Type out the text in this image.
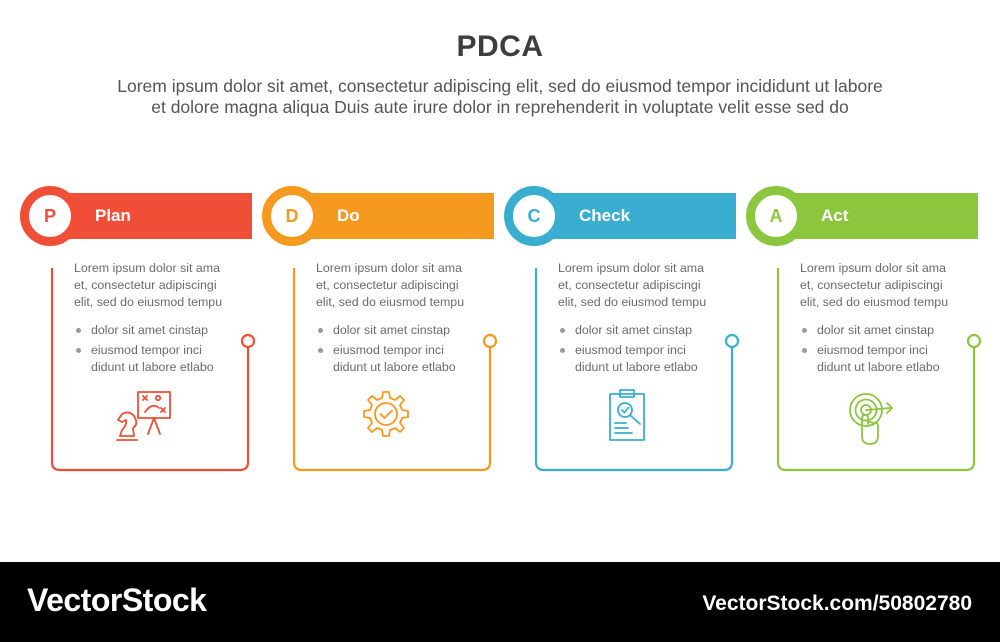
PDCA
Lorem ipsum dolor sit amet, consectetur adipiscing elit, sed do eiusmod tempor incididunt ut labore
et dolore magna aliqua Duis aute irure dolor in reprehenderit in voluptate velit esse sed do
P	Plan
Lorem ipsum dolor sit ama
et, consectetur adipiscingi
elit, sed do eiusmod tempu
dolor sit amet cinstap
eiusmod tempor inci
didunt ut labore etlabo
D	Do
Lorem ipsum dolor sit ama
et, consectetur adipiscingi
elit, sed do eiusmod tempu
dolor sit amet cinstap
eiusmod tempor inci
didunt ut labore etlabo
C	Check
Lorem ipsum dolor sit ama
et, consectetur adipiscingi
elit, sed do eiusmod tempu
dolor sit amet cinstap
eiusmod tempor inci
didunt ut labore etlabo
A	Act
Lorem ipsum dolor sit ama
et, consectetur adipiscingi
elit, sed do eiusmod tempu
dolor sit amet cinstap
eiusmod tempor inci
didunt ut labore etlabo
VectorStock	VectorStock.com/50802780
